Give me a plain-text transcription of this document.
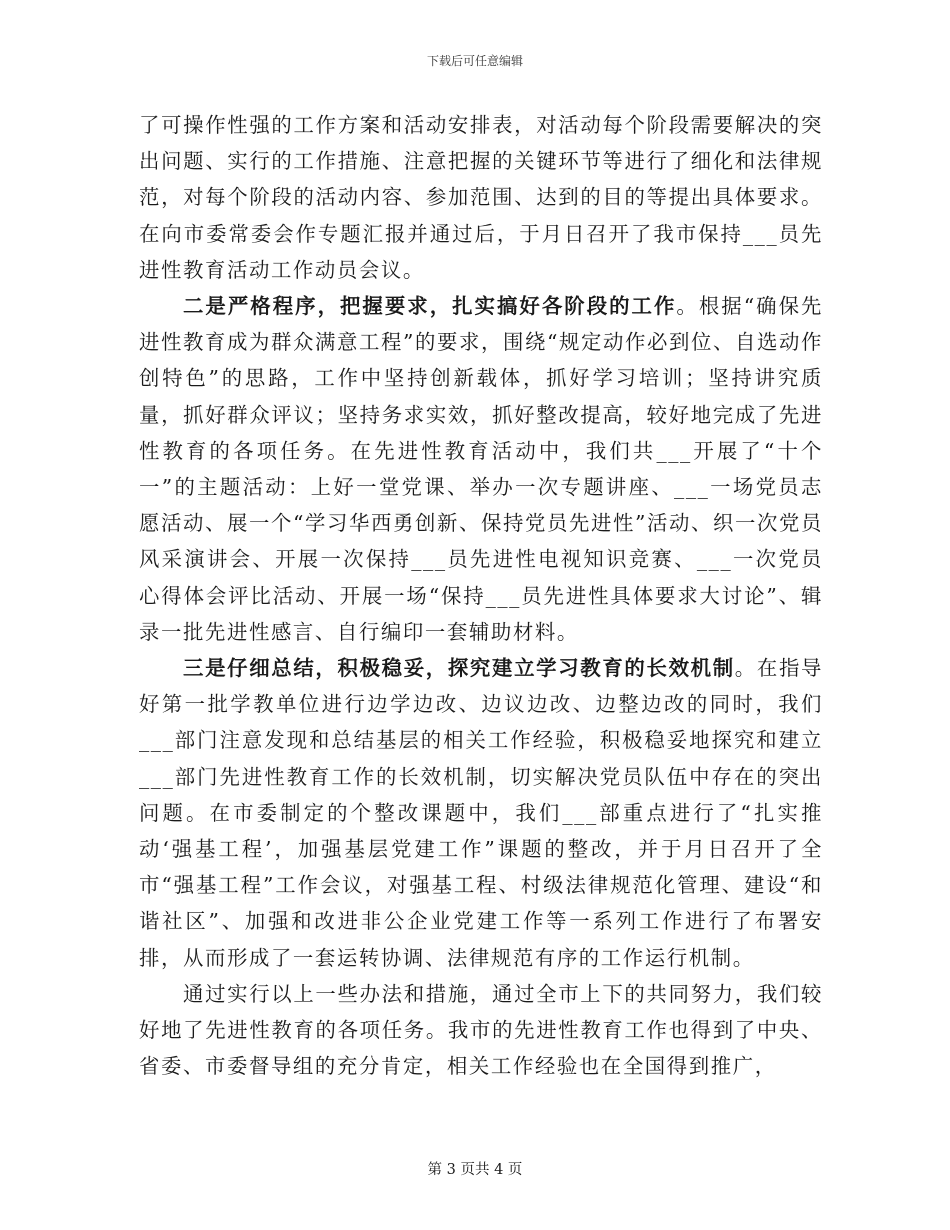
下载后可任意编辑

了可操作性强的工作方案和活动安排表，对活动每个阶段需要解决的突出问题、实行的工作措施、注意把握的关键环节等进行了细化和法律规范，对每个阶段的活动内容、参加范围、达到的目的等提出具体要求。在向市委常委会作专题汇报并通过后，于月日召开了我市保持___员先进性教育活动工作动员会议。

二是严格程序，把握要求，扎实搞好各阶段的工作。根据“确保先进性教育成为群众满意工程”的要求，围绕“规定动作必到位、自选动作创特色”的思路，工作中坚持创新载体，抓好学习培训；坚持讲究质量，抓好群众评议；坚持务求实效，抓好整改提高，较好地完成了先进性教育的各项任务。在先进性教育活动中，我们共___开展了“十个一”的主题活动：上好一堂党课、举办一次专题讲座、___一场党员志愿活动、展一个“学习华西勇创新、保持党员先进性”活动、织一次党员风采演讲会、开展一次保持___员先进性电视知识竞赛、___一次党员心得体会评比活动、开展一场“保持___员先进性具体要求大讨论”、辑录一批先进性感言、自行编印一套辅助材料。

三是仔细总结，积极稳妥，探究建立学习教育的长效机制。在指导好第一批学教单位进行边学边改、边议边改、边整边改的同时，我们___部门注意发现和总结基层的相关工作经验，积极稳妥地探究和建立___部门先进性教育工作的长效机制，切实解决党员队伍中存在的突出问题。在市委制定的个整改课题中，我们___部重点进行了“扎实推动‘强基工程’，加强基层党建工作”课题的整改，并于月日召开了全市“强基工程”工作会议，对强基工程、村级法律规范化管理、建设“和谐社区”、加强和改进非公企业党建工作等一系列工作进行了布署安排，从而形成了一套运转协调、法律规范有序的工作运行机制。

通过实行以上一些办法和措施，通过全市上下的共同努力，我们较好地了先进性教育的各项任务。我市的先进性教育工作也得到了中央、省委、市委督导组的充分肯定，相关工作经验也在全国得到推广，

第 3 页共 4 页
